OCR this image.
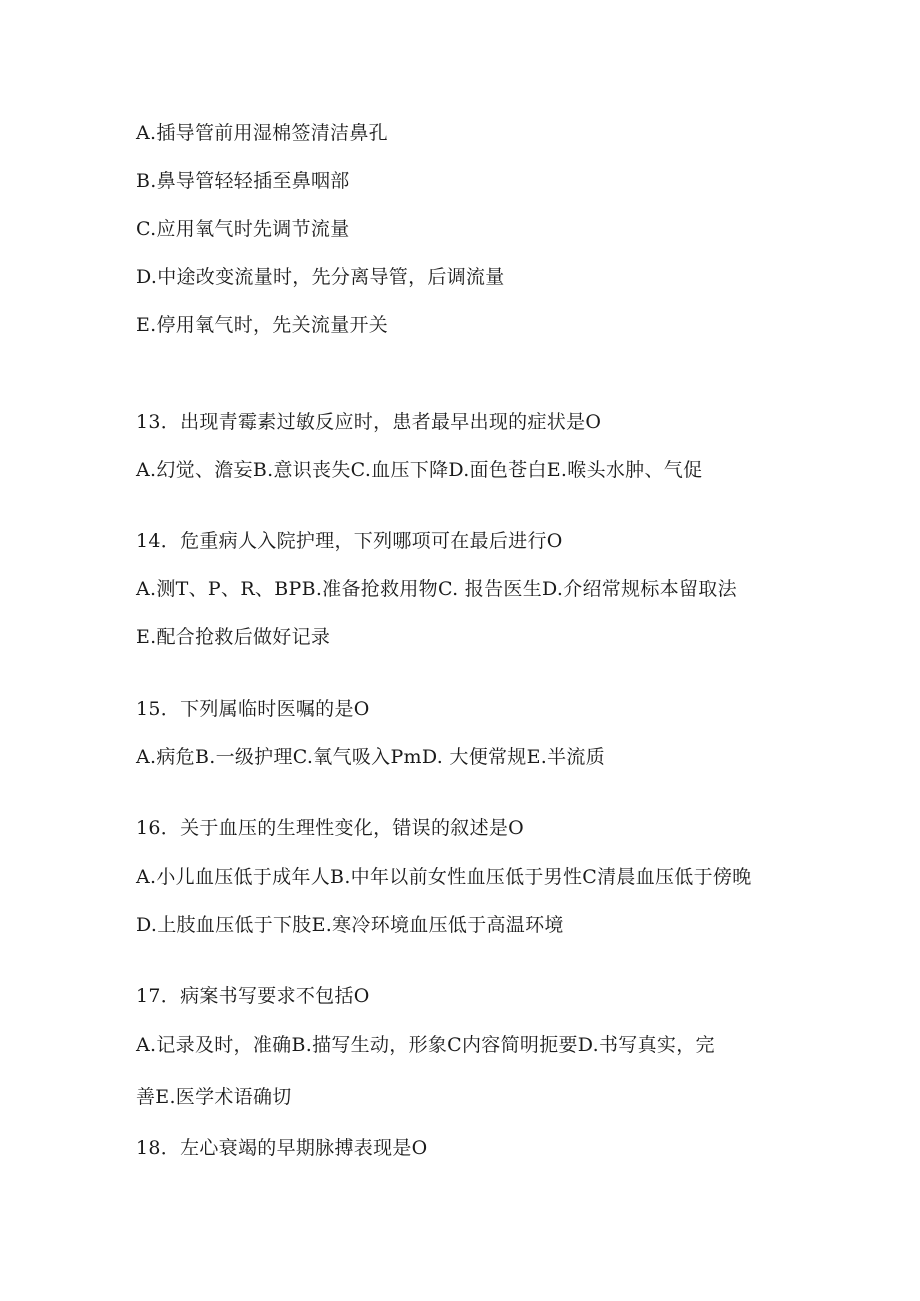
A.插导管前用湿棉签清洁鼻孔
B.鼻导管轻轻插至鼻咽部
C.应用氧气时先调节流量
D.中途改变流量时，先分离导管，后调流量
E.停用氧气时，先关流量开关
13．出现青霉素过敏反应时，患者最早出现的症状是O
A.幻觉、澹妄B.意识丧失C.血压下降D.面色苍白E.喉头水肿、气促
14．危重病人入院护理，下列哪项可在最后进行O
A.测T、P、R、BPB.准备抢救用物C. 报告医生D.介绍常规标本留取法
E.配合抢救后做好记录
15．下列属临时医嘱的是O
A.病危B.一级护理C.氧气吸入PmD. 大便常规E.半流质
16．关于血压的生理性变化，错误的叙述是O
A.小儿血压低于成年人B.中年以前女性血压低于男性C清晨血压低于傍晚
D.上肢血压低于下肢E.寒冷环境血压低于高温环境
17．病案书写要求不包括O
A.记录及时，准确B.描写生动，形象C内容简明扼要D.书写真实，完
善E.医学术语确切
18．左心衰竭的早期脉搏表现是O
